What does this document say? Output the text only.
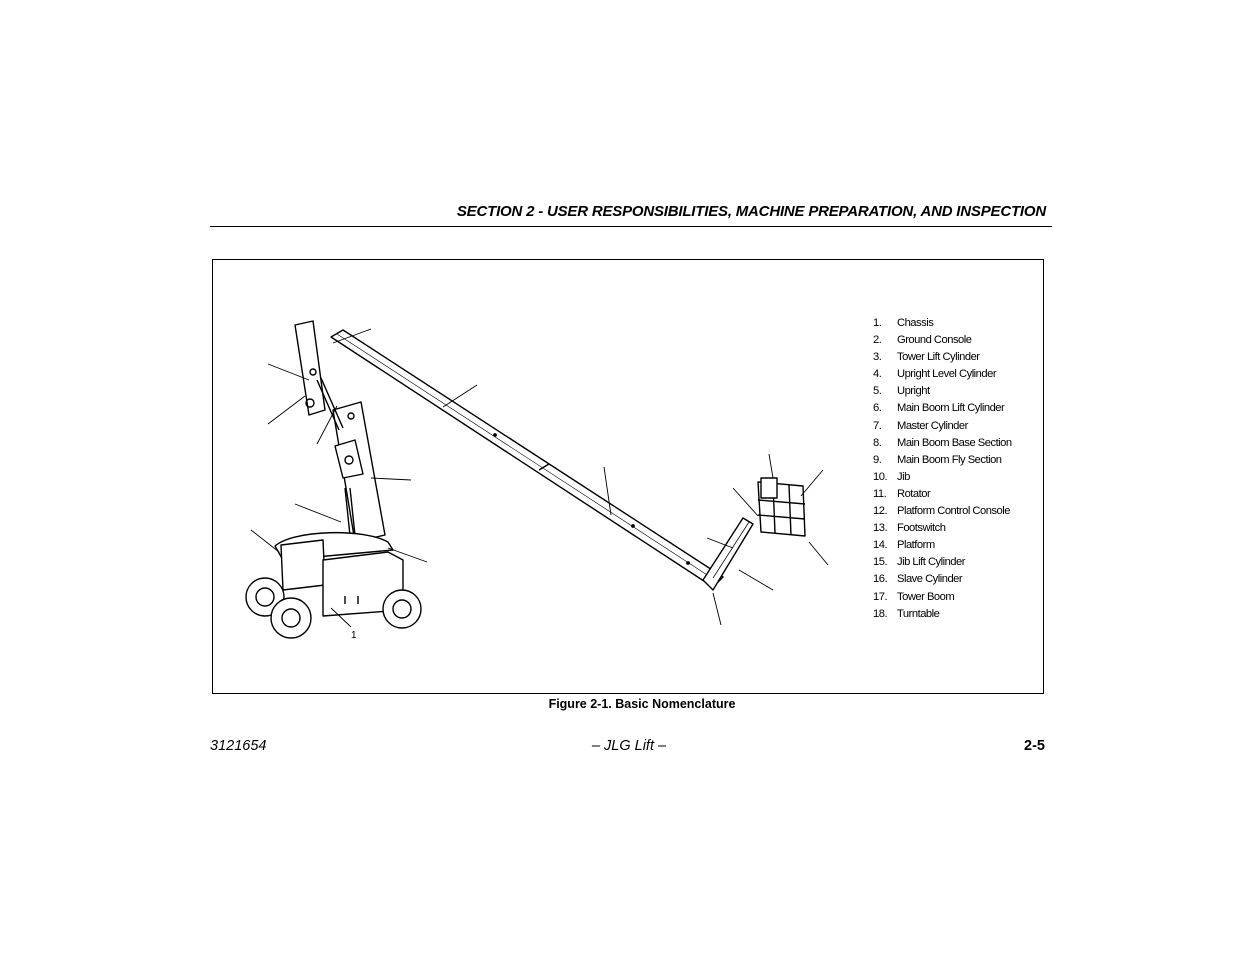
SECTION 2 - USER RESPONSIBILITIES, MACHINE PREPARATION, AND INSPECTION
1
1. Chassis
2. Ground Console
3. Tower Lift Cylinder
4. Upright Level Cylinder
5. Upright
6. Main Boom Lift Cylinder
7. Master Cylinder
8. Main Boom Base Section
9. Main Boom Fly Section
10. Jib
11. Rotator
12. Platform Control Console
13. Footswitch
14. Platform
15. Jib Lift Cylinder
16. Slave Cylinder
17. Tower Boom
18. Turntable
Figure 2-1. Basic Nomenclature
3121654	– JLG Lift –	2-5
